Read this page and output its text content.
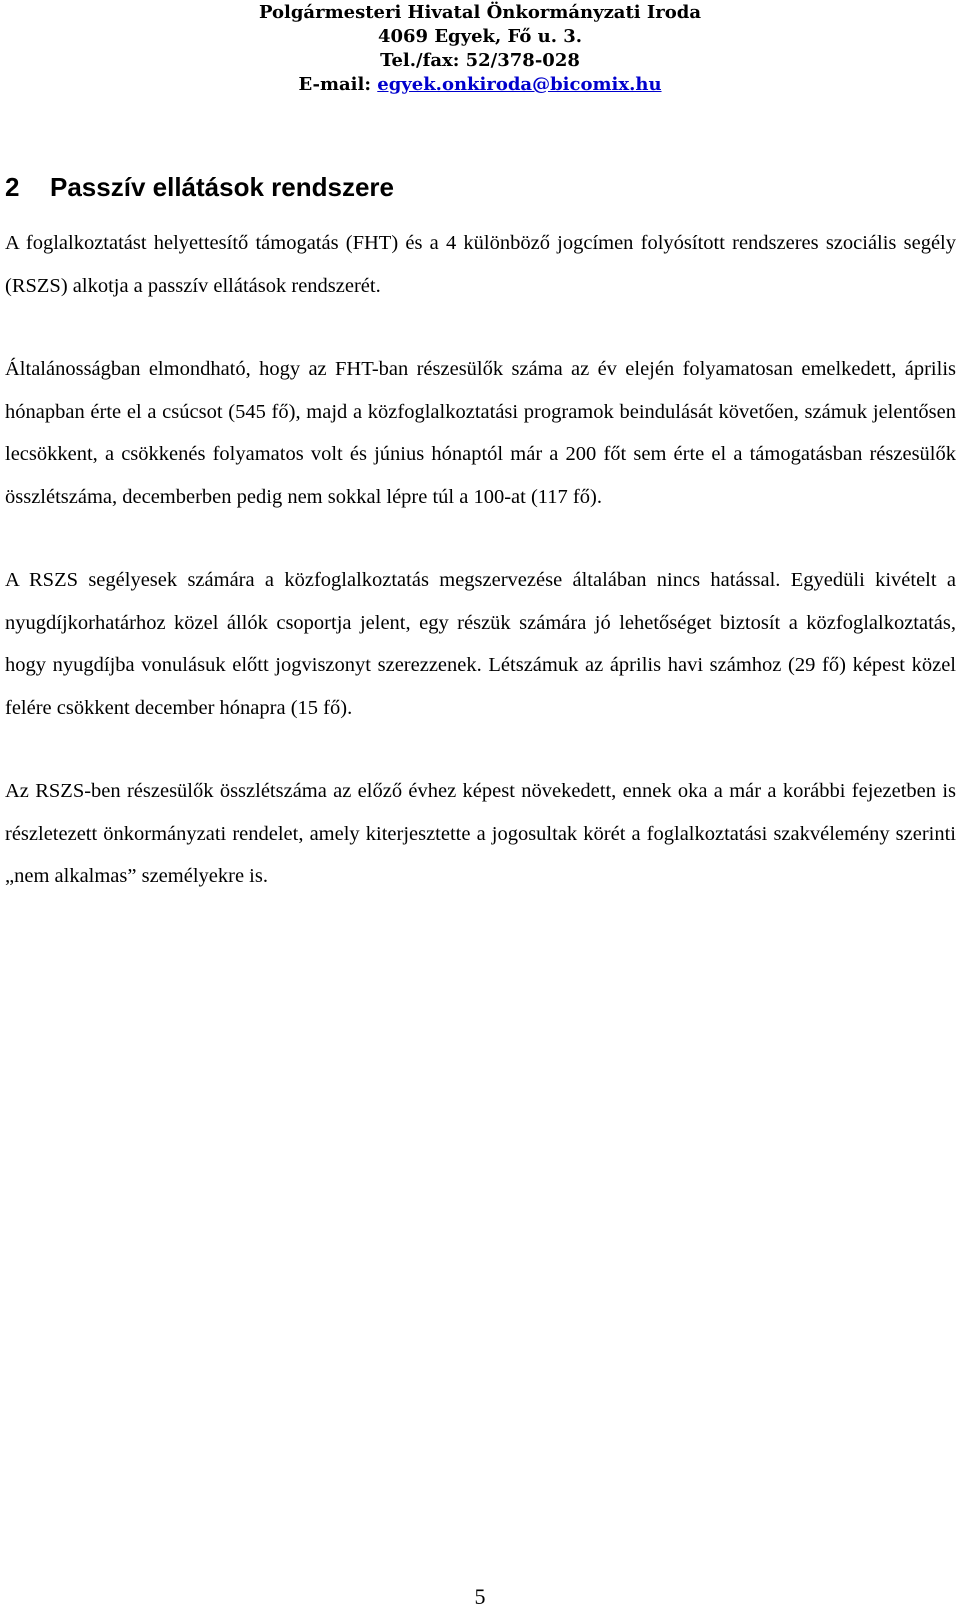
Polgármesteri Hivatal Önkormányzati Iroda
4069 Egyek, Fő u. 3.
Tel./fax: 52/378-028
E-mail: egyek.onkiroda@bicomix.hu
2 Passzív ellátások rendszere

A foglalkoztatást helyettesítő támogatás (FHT) és a 4 különböző jogcímen folyósított rendszeres szociális segély (RSZS) alkotja a passzív ellátások rendszerét.

Általánosságban elmondható, hogy az FHT-ban részesülők száma az év elején folyamatosan emelkedett, április hónapban érte el a csúcsot (545 fő), majd a közfoglalkoztatási programok beindulását követően, számuk jelentősen lecsökkent, a csökkenés folyamatos volt és június hónaptól már a 200 főt sem érte el a támogatásban részesülők összlétszáma, decemberben pedig nem sokkal lépre túl a 100-at (117 fő).

A RSZS segélyesek számára a közfoglalkoztatás megszervezése általában nincs hatással. Egyedüli kivételt a nyugdíjkorhatárhoz közel állók csoportja jelent, egy részük számára jó lehetőséget biztosít a közfoglalkoztatás, hogy nyugdíjba vonulásuk előtt jogviszonyt szerezzenek. Létszámuk az április havi számhoz (29 fő) képest közel felére csökkent december hónapra (15 fő).

Az RSZS-ben részesülők összlétszáma az előző évhez képest növekedett, ennek oka a már a korábbi fejezetben is részletezett önkormányzati rendelet, amely kiterjesztette a jogosultak körét a foglalkoztatási szakvélemény szerinti „nem alkalmas” személyekre is.

5
